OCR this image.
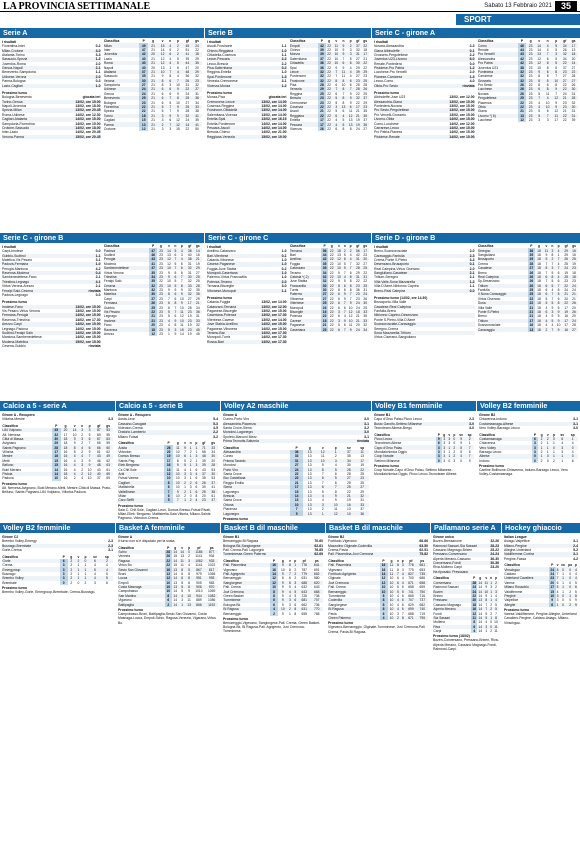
LA PROVINCIA SETTIMANALE	Sabato 13 Febbraio 2021 35
SPORT
Serie A
I risultati
Fiorentina-Inter	0-2
Milan-Crotone	4-0
Atalanta-Torino	3-3
Sassuolo-Spezia	1-2
Juventus-Roma	2-0
Genoa-Napoli	2-1
Benevento-Sampdoria	1-1
Udinese-Verona	2-0
Parma-Bologna	0-3
Lazio-Cagliari	1-0
Prossimo turno
Bologna-Benevento	giocata ieri
Torino-Genoa	13/02, ore 15.00
Napoli-Juventus	13/02, ore 18.00
Spezia-Milan	13/02, ore 20.45
Roma-Udinese	14/02, ore 12.30
Cagliari-Atalanta	14/02, ore 15.00
Sampdoria-Fiorentina	14/02, ore 15.00
Crotone-Sassuolo	14/02, ore 18.00
Inter-Lazio	14/02, ore 20.45
Verona-Parma	15/02, ore 20.45
Classifica	P	g	v	n	p	gf	gs
Milan	49	21	15	4	2	45	24
Inter	47	21	14	5	2	51	22
Juventus	42	20	12	6	2	41	18
Lazio	40	21	12	4	5	39	29
Roma	40	21	12	4	5	44	35
Napoli	40	20	13	1	6	47	20
Atalanta	37	21	10	7	4	48	29
Sassuolo	35	21	9	8	4	36	32
Verona	30	21	8	6	7	26	23
Sampdoria	27	21	8	3	10	31	32
Udinese	24	21	6	6	9	22	27
Genoa	24	21	6	6	9	24	31
Benevento	25	21	6	7	8	25	38
Bologna	23	21	6	5	10	27	34
Fiorentina	22	21	5	7	9	25	33
Spezia	22	21	5	7	9	28	38
Torino	18	21	3	9	9	32	41
Cagliari	15	21	3	6	12	24	35
Parma	13	21	2	7	12	14	41
Crotone	12	21	3	3	15	22	50
Serie B
I risultati
Ascoli-Frosinone	1-1
Chievo-Reggiana	1-0
Cittadella-Cosenza	1-1
Lecce-Pescara	2-2
Lecco-Brescia	2-2
Pisa-Salernitana	0-2
Reggina-Entella	1-0
Spal-Pordenone	1-3
Venezia-Cremonese	3-1
Vicenza-Monza	1-2
Prossimo turno
Monza-Pisa	giocata ieri
Cremonese-Lecce	13/02, ore 14.00
Cosenza-Reggina	13/02, ore 14.00
Frosinone-Cittadella	13/02, ore 14.00
Salernitana-Vicenza	13/02, ore 14.00
Entella-Spal	13/02, ore 16.15
Entella-Pordenone	14/02, ore 14.00
Pescara-Ascoli	14/02, ore 14.00
Brescia-Chievo	14/02, ore 21.00
Reggiana-Venezia	15/02, ore 19.00
Classifica	P	g	v	n	p	gf	gs
Empoli	42	22	11	9	2	37	22
Chievo	39	22	10	9	3	32	18
Monza	39	22	10	9	3	31	17
Salernitana	37	22	10	7	5	27	21
Cittadella	36	22	10	6	6	30	22
Spal	36	22	9	9	4	29	22
Lecce	32	22	7	11	4	39	29
Pordenone	32	22	7	11	4	27	23
Frosinone	32	22	8	8	6	23	25
Pisa	28	22	6	10	6	25	28
Venezia	29	22	7	8	7	28	26
Reggina	25	22	6	7	9	22	29
Brescia	23	22	5	8	9	32	37
Cremonese	23	22	5	8	9	22	29
Cosenza	22	22	3	13	6	17	23
Ascoli	21	22	5	6	11	21	35
Reggiana	22	22	6	4	12	21	35
Entella	17	22	4	5	13	19	37
Pescara	17	22	4	5	13	19	36
Vicenza	26	22	6	8	8	24	27
Serie C - girone A
I risultati
Novara-Alessandria	2-3
Giana Albinoleffe	0-1
Grosseto-Pergolettese	2-2
Juventus U23-Livorno	6-0
Renate-Pontedera	0-0
Pistoiese-Pro Patria	1-2
Lucchese-Pro Vercelli	2-0
Pianese-Carrarese	1-3
Lecco-Como	4-0
Olbia-Pro Sesto	rinviata
Prossimo turno
Albinoleffe-Juve U23	13/02, ore 12.00
Alessandria-Giana	13/02, ore 15.00
Pontedera-Novara	13/02, ore 15.00
Pro Sesto-Pergolettese	13/02, ore 15.00
Pro Vercelli-Grosseto	13/02, ore 15.00
Livorno-Olbia	14/02, ore 15.00
Como-Lucchese	14/02, ore 12.00
Carrarese-Lecco	14/02, ore 15.00
Pro Patria-Pianese	14/02, ore 15.00
Pistoiese-Renate	14/02, ore 15.00
Classifica	P	g	v	n	p	gf	gs
Como	46	23	14	4	5	34	17
Renate	44	23	14	4	5	26	13
Pro Vercelli	43	23	13	7	3	32	18
Alessandria	42	23	12	6	5	34	20
Pro Patria	42	23	12	6	5	22	14
Juventus U23	38	23	10	8	5	37	27
Pontedera	32	23	9	6	8	23	22
Carrarese	32	23	8	8	7	27	28
Grosseto	32	23	8	5	10	27	27
Pro Sesto	26	22	8	6	8	22	26
Lucchese	26	23	6	8	9	22	30
Novara	26	23	5	11	7	24	31
Pergolettese	25	23	7	4	12	21	28
Piacenza	22	23	4	10	9	23	32
Olbia	22	23	4	10	9	23	30
Giana	21	23	5	6	12	21	31
Livorno *( 6)	13	23	5	7	11	22	31
Lucchese	12	23	3	3	17	22	39
Serie C - girone B
I risultati
Carpi-Imolese	0-0
Gubbio-Sudtirol	1-1
Matelica-Vis Pesaro	3-1
Padova-Fermana	1-0
Perugia-Mantova	4-2
Ravenna-Modena	0-4
Sambenedettese-Fano	2-1
Triestina-Legnago	4-1
Virtus Verona-Arezzo	2-1
Feralpi Salò-Cesena	rinviata
Padova-Legnago	0-0
Prossimo turno
Imolese-Fano	13/02, ore 15.00
Vis Pesaro-Virtus Verona	13/02, ore 15.00
Fermana-Perugia	14/02, ore 15.00
Ravenna-Triestina	14/02, ore 17.30
Arezzo-Carpi	14/02, ore 15.00
Legnago-Padova	14/02, ore 15.00
Sudtirol-Feralpi Salò	14/02, ore 15.00
Mantova-Sambenedettese	14/02, ore 15.00
Modena-Matelica	15/02, ore 15.00
Cesena-Gubbio	rinviata
Classifica	P	g	v	n	p	gf	gs
Padova	47	23	14	5	4	38	14
Sudtirol	46	23	13	6	3	40	16
Perugia	43	23	12	7	4	38	21
Modena	41	23	12	5	6	31	19
Sambenedettese	37	23	10	7	6	32	29
Virtus Verona	35	23	9	8	6	31	27
Triestina	34	23	9	6	7	30	25
Feralpi Salò	35	22	10	5	7	32	25
Cesena	32	23	10	5	8	33	28
Mantova	32	23	9	5	9	32	35
Matelica	30	23	8	6	9	32	35
Carpi	27	23	7	6	10	27	29
Fermana	26	23	6	8	9	17	21
Gubbio	25	23	6	7	10	28	34
Vis Pesaro	22	23	5	7	11	23	36
Legnago	21	23	5	6	12	19	31
Imolese	21	23	4	9	10	23	33
Fano	20	23	4	8	11	19	32
Ravenna	18	23	5	3	15	23	45
Arezzo	12	23	1	9	14	19	45
Serie C - girone C
I risultati
Avellino-Catanzaro	1-0
Bari-Viterbese	0-1
Catania-Vibonese	1-0
Cavese-Paganese	1-0
Foggia-Juve Stabia	0-2
Monopoli-Casertana	1-0
Palermo-Virtus Francavilla	1-0
Potenza-Teramo	2-0
Ternana-Bisceglie	3-0
Vibonese-Monopoli	1-1
Prossimo turno
Catania-Foggia	13/02, ore 14.00
Catanzaro-Ternana	13/02, ore 12.00
Paganese-Bisceglie	13/02, ore 15.00
Casertana-Potenza	13/02, ore 17.30
Viterbese-Cavese	13/02, ore 14.00
Juve Stabia-Avellino	14/02, ore 15.00
Paganese-Vibonese	14/02, ore 15.00
Teramo-Bari	14/02, ore 17.30
Monopoli-Turris	14/02, ore 17.30
Rossa-Bari	14/02, ore 17.30
Classifica	P	g	v	n	p	gf	gs
Ternana	56	22	18	2	2	56	17
Bari	44	22	13	5	4	42	23
Avellino	42	22	12	6	4	31	20
Foggia	35	22	10	5	7	32	27
Catanzaro	35	22	10	5	7	28	25
Teramo	34	22	9	7	6	29	22
Catania *(-2)	32	22	10	4	8	31	31
Juve Stabia	32	22	9	5	8	22	22
Francavilla	30	22	8	6	8	23	25
Turris	30	22	8	6	8	36	31
Palermo	27	22	6	9	7	23	24
Vibonese	27	22	6	9	7	23	26
Viterbese	25	22	6	7	9	24	30
Monopoli	24	22	6	6	10	24	25
Bisceglie	16	22	3	7	12	18	33
Potenza	22	22	6	4	12	21	35
Cavese	18	22	3	9	10	21	33
Paganese	21	22	5	6	11	20	32
Casertana	25	22	6	7	9	24	34
Serie D - girone B
I risultati
Breno-Scanzorosciate	2-0
Caravaggio-Fanfulla	2-3
Crema-Ponte S.Pietro	3-3
Desenzano-Brusaporto	0-1
Real Calepina-Virtus Ciserano	2-0
Sangiuliano-Casatese	2-1
Tritium-Seregno	2-1
Villa Valle-Sona Mazzarella	1-2
Villa D'Almè-Nibionno Caprino	1-1
Breno-Real Calepina	0-0
Prossimo turno (14/02, ore 14.30)
Brusaporto-Villa Valle
Casatese-Real Calepina
Fanfulla-Breno
Nibionno Caprino-Desenzano
Ponte S.Pietro-Villa D'Almè
Scanzorosciate-Caravaggio
Seregno-Crema
Sona Mazzarella-Tritium
Virtus Ciserano-Sangiuliano
Classifica	P	g	v	n	p	gf	gs
Seregno	36	18	11	3	4	29	16
Sangiuliano	35	18	9	8	1	29	15
Brusaporto	29	18	9	2	7	26	25
Crema	28	18	7	7	4	25	19
Casatese	27	18	8	3	7	24	23
Breno	26	18	7	5	6	19	18
Real Calepina	26	18	6	8	4	25	18
Sp.Desenzano	26	18	7	5	6	23	23
Tritium	26	18	6	5	7	22	24
Fanfulla	25	18	6	4	8	24	24
V.Nona Caravaggio	25	18	6	7	5	21	21
Virtus Ciserano	22	18	5	7	6	20	21
Sona	22	18	5	5	8	22	26
Villa Valle	21	18	4	9	5	17	20
Ponte S.Pietro	21	18	6	3	9	19	26
Breno	21	18	4	9	5	16	20
Tritium	17	18	4	5	9	17	24
Scanzorosciate	16	18	4	4	10	17	28
Caravaggio	13	18	2	7	9	16	27
Calcio a 5 - serie A
Girone A - Recupero
Villorba-Mestre	3-3
Classifica	P	g	v	n	p	gf	gs
L84 Volpiano	45	20	14	3	3	87	53
Alt. Nervesa	32	17	10	2	5	69	55
Città di Massa	30	18	9	3	6	67	63
Avignano	29	18	9	2	7	65	59
Saints Pagnano	28	18	8	4	6	66	60
Villorba	17	16	5	2	9	51	62
Mestre	16	15	4	4	7	43	49
Metti	15	16	4	3	9	46	62
Belluno	15	16	4	3	9	48	63
Bubi Merano	14	16	4	2	10	43	61
Pistoia	14	18	4	2	12	40	69
Padova	10	16	2	4	10	37	69
Prossimo turno
Alt. Nervesa-Avignano, Bubi Merano-Metti, Mestre-Città di Massa, Prato-Belluno, Saints Pagnano-L84 Volpiano, Villorba-Padova.
Calcio a 5 - serie B
Girone A - Recupero
Aosta-Leon	5-4
Cassano-Carugate	5-3
Videoton-Crema	4-5
Oratorio Lamberto	2-2
Milano Futsal	3-2
Classifica	P	g	v	n	p	gf	gs
Aosta	28	11	9	1	1	71	33
Videoton	23	10	7	2	1	58	34
Domus Bresso	19	10	6	1	3	48	30
Saints Pag.	17	8	5	2	1	39	20
Eleb.Bergamo	16	9	5	1	3	39	28
Cs Chif.Sole	13	11	4	1	6	43	53
Arbi	12	10	3	3	4	37	30
Futsal Varese	10	10	3	1	6	35	53
Cagliari	8	10	2	2	6	26	37
Mattistrella	6	10	1	3	6	30	41
Valtellinese	7	9	2	1	6	25	38
Milan	6	10	2	0	8	20	61
Caro Seffit	5	7	1	2	4	23	37
Prossimo turno
Sala C. Chif.Sole, Cagliari-Leon, Domus Bresso-Futsal Rivati, Milan-Elleb. Bergamo, Mattistrella-Sala Vittoria, Milano-Saints Pagnano, Videoton-Crema.
Volley A2 maschile
Girone A
Cuneo-Porto Viro	3-0
Alessandria-Piacenza	3-1
Santa Croce-Siena	3-2
Mondovì-Lagonegro	3-0
Spoleto-Marconi Mezz.	3-1
Prima Tecnotis-Saturnia	rinviata
Classifica	P	g	v	p	sv	sp
Alessandria	36	13	12	1	37	11
Cuneo	33	13	11	2	35	13
Prisma Taranto	31	13	10	3	34	17
Mondovì	27	13	9	4	30	19
Porto Viro	24	13	8	5	28	22
Santa Croce	22	13	7	6	28	25
Bcc Castellana	22	13	8	5	27	23
Reggio Emilia	21	13	7	6	25	25
Siena	17	13	6	7	25	27
Lagonegro	15	13	5	8	22	29
Brescia	14	13	4	9	21	32
Santa Croce	13	13	4	9	19	31
Ortona	10	13	3	10	16	33
Piacenza	7	13	2	11	13	37
Lagonegro	5	13	1	12	10	36
Prossimo turno
Volley B1 femminile
Girone B1
Capo d'Orso Palau-Picco Lecco	2-3
Busto Garolfo-Settimo Milanese	3-0
Tecnoteam Albese-Bregù	3-0
Classifica	P	g	v	p	sv	sp
Picco Lecco	9	3	3	0	9	2
Tecnoteam Albese	6	3	3	0	9	1
Capo d'Orso Palau	3	3	1	2	5	7
Mondialchimica Oggio	3	3	1	2	5	6
Coop Novate	3	3	1	2	4	7
Settimo Milanese	0	3	0	3	0	9
Prossimo turno
Coop Novate-Capo d'Orso Palau, Settimo Milanese-Mondialchimica Oggio, Picco Lecco-Tecnoteam Albese.
Volley B2 femminile
Girone B2
Chiavenna-Induno	3-1
Costamasnaga-Albese	3-1
Vero Volley-Barzago Lecco	3-0
Classifica	P	g	v	p	sv	sp
Costamasnaga	6	2	2	0	6	1
Chiavenna	3	2	1	1	4	4
Vero Volley	3	1	1	0	3	0
Barzago Lecco	3	2	1	1	3	4
Albese	0	1	0	1	1	3
Induno	0	2	0	2	1	6
Prossimo turno
Cantine Bollinone-Chiavenna, Induno-Barzago Lecco, Vero Volley-Costamasnaga.
Volley B2 femminile
Girone C2
Brembo Volley-Emergy	2-3
Busnago-Brembate	2-3
Gorle-Crema	3-1
Classifica	P	g	v	p	sv	sp
Gorle	6	2	2	0	6	2
Crema	3	2	1	1	4	4
Emergyroup	3	2	1	1	5	4
Busnago	3	2	1	1	4	5
Brembo Volley	3	2	1	1	4	5
Brembate	0	2	0	2	3	6
Prossimo turno
Brembo Volley-Gorle, Emergroup-Brembate, Crema-Busnago.
Basket A femminile
Girone A
Il turno non si è disputato per la sosta.
Classifica	P	g	v	p	pf	ps
Schio	28	14	14	0	1185	877
Venezia	26	15	13	2	1141	934
Ragusa	22	14	11	3	1062	933
Virtus Bo	22	15	11	4	1141	1022
Sesto San Giovanni	16	13	8	5	867	817
Broni	12	14	6	8	979	1065
Lucca	12	14	6	8	951	993
Empoli	10	13	5	8	905	983
Costa Masnaga	10	13	5	8	906	970
Campobasso	10	14	5	9	1010	1069
San Martino	8	14	4	10	944	1082
Vigarano	6	14	3	11	889	1086
Battipaglia	2	14	1	13	866	1192
Prossimo turno
Campobasso-Broni, Battipaglia-Sesto San Giovanni, Costa Masnaga-Lucca, Empoli-Schio, Ragusa-Venezia, Vigarano-Virtus Bo.
Basket B dil maschile
Girone B1
Bernareggio-Bi Ragusa	70-60
Bologna Bk-Sangiorgese	62-61
Pall. Crema-Pall. Lagovgrio	76-85
Tumminesse-Green Palermo	62-69
Classifica	P	g	v	p	pf	ps
Pall. Piacentina	16	9	8	1	776	641
Vigevano	16	10	8	2	787	691
Pall. Agrigento	14	9	7	2	779	652
Bernareggio	12	8	6	2	631	580
Sangiorgese	12	9	6	3	688	620
Pall. Crema	10	9	5	4	632	643
Juvi Cremona	8	9	4	5	643	668
Green Basket	8	9	4	5	726	738
Tumminese	6	9	3	6	681	707
Bologna Bk	6	9	3	6	662	736
Bi Ragusa	4	10	2	8	631	770
Bernareggio	2	9	1	8	659	768
Prossimo turno
Bernareggio-Vigevano, Sangiorgese-Pall. Crema, Green Basket-Bologna Bk, Bi Ragusa-Pall. Agrigento, Juvi Cremona-Tumminese.
Basket B dil maschile
Girone B2
Fortitudo-Vigevano	68-66
Mazzolino Olginate-Codevilla	63-50
Crema-Pavia	62-51
Pall. Piacentina-Juvi Cremona	75-82
Classifica	P	g	v	p	pf	ps
Pall. Piacentina	16	11	8	3	776	661
Vigevano	16	11	8	3	775	653
Fortitudo Agrigento	14	11	7	4	827	735
Olginate	12	10	6	4	700	686
Juvi Cremona	12	10	6	4	671	658
Pall. Crema	10	10	5	5	658	659
Bernareggio	10	10	5	5	741	750
Tumminese	8	10	4	6	665	716
Codevilla	8	10	4	6	707	737
Sangiorgese	8	10	4	6	629	682
Bi Ragusa	8	10	4	6	699	740
Pavia	6	10	3	7	688	719
Green Palermo	4	10	2	8	671	795
Prossimo turno
Vigevano-Bernareggio, Olginate-Tumminese, Juvi Cremona-Pall. Crema, Pavia-Bi Ragusa.
Pallamano serie A
Girone unico
Bozen-Bressanone	32-26
Raimond Sassari-Sia Sassari	28-23
Cassano Magnago-Brixen	25-22
Pressano-Conversano	24-24
Alperia Merano-Cassano	36-30
Conversano-Fondi	30-36
Riva-Molteno Carpi	23-20
Ha riposato: Presssano
Classifica	P	g	v	n	p
Conversano	28	14	11	1	2
Raimond Sassari	24	14	9	3	2
Bozen	24	14	10	1	3
Brixen	22	14	9	1	4
Pressano	20	13	8	1	4
Cassano Magnago	18	14	7	2	5
Alperia Merano	16	14	7	2	5
Fondi	12	14	5	2	7
Sia Sassari	11	14	5	1	8
Molteno	8	14	4	0	10
Riva	6	14	3	0	11
Carpi	4	14	1	2	11
Prossimo turno (18/02)
Bozen-Conversano, Pressano-Brixen, Riva-Alperia Merano, Cassano Magnago-Fondi, Raimond-Carpi.
Hockey ghiaccio
Italian League
Asiago-Valpellice	3-1
Milano-Pergine	2-4
Alleghe-Unterland	5-2
Valdifiemme-Cortina	3-1
Pergine-Fassa	4-2
Classifica	P	v	vo	po	p
Vinschgau	24	8	0	0	4
Caldaro	24	7	1	0	4
Unterland Cavaliers	23	7	1	0	4
Varese	20	6	1	0	5
Milano Rossoblu	17	5	1	0	6
Valdifiemme	15	4	1	2	5
Pergine	10	3	0	1	8
Valpellice	9	3	0	0	9
Alleghe	6	1	0	2	9
Prossimo turno
Varese-Valdifiemme, Pergine-Alleghe, Unterland Cavaliers-Pergine, Caldaro-Asiago, Milano-Vinschgau.
